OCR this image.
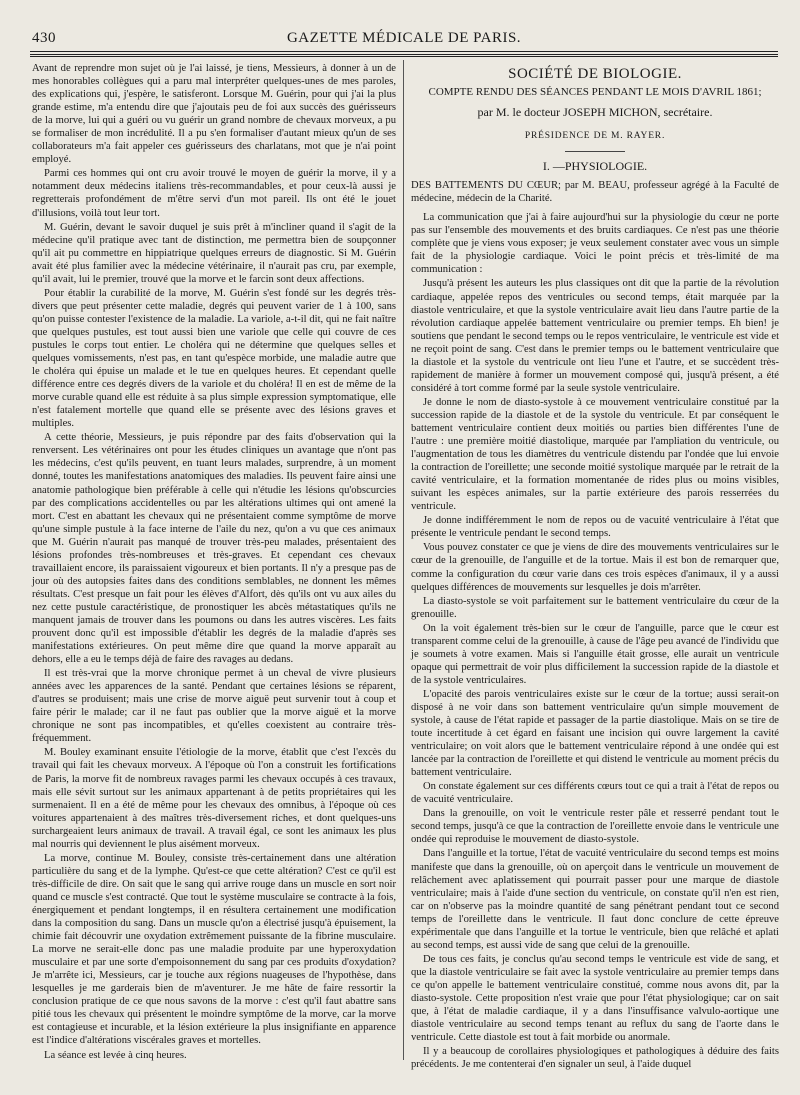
430	GAZETTE MÉDICALE DE PARIS.

Avant de reprendre mon sujet où je l'ai laissé, je tiens, Messieurs, à donner à un de mes honorables collègues qui a paru mal interpréter quelques-unes de mes paroles, des explications qui, j'espère, le satisferont. Lorsque M. Guérin, pour qui j'ai la plus grande estime, m'a entendu dire que j'ajoutais peu de foi aux succès des guérisseurs de la morve, lui qui a guéri ou vu guérir un grand nombre de chevaux morveux, a pu se formaliser de mon incrédulité. Il a pu s'en formaliser d'autant mieux qu'un de ses collaborateurs m'a fait appeler ces guérisseurs des charlatans, mot que je n'ai point employé.

Parmi ces hommes qui ont cru avoir trouvé le moyen de guérir la morve, il y a notamment deux médecins italiens très-recommandables, et pour ceux-là aussi je regretterais profondément de m'être servi d'un mot pareil. Ils ont été le jouet d'illusions, voilà tout leur tort.

M. Guérin, devant le savoir duquel je suis prêt à m'incliner quand il s'agit de la médecine qu'il pratique avec tant de distinction, me permettra bien de soupçonner qu'il ait pu commettre en hippiatrique quelques erreurs de diagnostic. Si M. Guérin avait été plus familier avec la médecine vétérinaire, il n'aurait pas cru, par exemple, qu'il avait, lui le premier, trouvé que la morve et le farcin sont deux affections.

Pour établir la curabilité de la morve, M. Guérin s'est fondé sur les degrés très-divers que peut présenter cette maladie, degrés qui peuvent varier de 1 à 100, sans qu'on puisse contester l'existence de la maladie. La variole, a-t-il dit, qui ne fait naître que quelques pustules, est tout aussi bien une variole que celle qui couvre de ces pustules le corps tout entier. Le choléra qui ne détermine que quelques selles et quelques vomissements, n'est pas, en tant qu'espèce morbide, une maladie autre que le choléra qui épuise un malade et le tue en quelques heures. Et cependant quelle différence entre ces degrés divers de la variole et du choléra! Il en est de même de la morve curable quand elle est réduite à sa plus simple expression symptomatique, elle n'est fatalement mortelle que quand elle se présente avec des lésions graves et multiples.

A cette théorie, Messieurs, je puis répondre par des faits d'observation qui la renversent. Les vétérinaires ont pour les études cliniques un avantage que n'ont pas les médecins, c'est qu'ils peuvent, en tuant leurs malades, surprendre, à un moment donné, toutes les manifestations anatomiques des maladies. Ils peuvent faire ainsi une anatomie pathologique bien préférable à celle qui n'étudie les lésions qu'obscurcies par des complications accidentelles ou par les altérations ultimes qui ont amené la mort. C'est en abattant les chevaux qui ne présentaient comme symptôme de morve qu'une simple pustule à la face interne de l'aile du nez, qu'on a vu que ces animaux que M. Guérin n'aurait pas manqué de trouver très-peu malades, présentaient des lésions profondes très-nombreuses et très-graves. Et cependant ces chevaux travaillaient encore, ils paraissaient vigoureux et bien portants. Il n'y a presque pas de jour où des autopsies faites dans des conditions semblables, ne donnent les mêmes résultats. C'est presque un fait pour les élèves d'Alfort, dès qu'ils ont vu aux ailes du nez cette pustule caractéristique, de pronostiquer les abcès métastatiques qu'ils ne manquent jamais de trouver dans les poumons ou dans les autres viscères. Les faits prouvent donc qu'il est impossible d'établir les degrés de la maladie d'après ses manifestations extérieures. On peut même dire que quand la morve apparaît au dehors, elle a eu le temps déjà de faire des ravages au dedans.

Il est très-vrai que la morve chronique permet à un cheval de vivre plusieurs années avec les apparences de la santé. Pendant que certaines lésions se réparent, d'autres se produisent; mais une crise de morve aiguë peut survenir tout à coup et faire périr le malade; car il ne faut pas oublier que la morve aiguë et la morve chronique ne sont pas incompatibles, et qu'elles coexistent au contraire très-fréquemment.

M. Bouley examinant ensuite l'étiologie de la morve, établit que c'est l'excès du travail qui fait les chevaux morveux. A l'époque où l'on a construit les fortifications de Paris, la morve fit de nombreux ravages parmi les chevaux occupés à ces travaux, mais elle sévit surtout sur les animaux appartenant à de petits propriétaires qui les surmenaient. Il en a été de même pour les chevaux des omnibus, à l'époque où ces voitures appartenaient à des maîtres très-diversement riches, et dont quelques-uns surchargeaient leurs animaux de travail. A travail égal, ce sont les animaux les plus mal nourris qui deviennent le plus aisément morveux.

La morve, continue M. Bouley, consiste très-certainement dans une altération particulière du sang et de la lymphe. Qu'est-ce que cette altération? C'est ce qu'il est très-difficile de dire. On sait que le sang qui arrive rouge dans un muscle en sort noir quand ce muscle s'est contracté. Que tout le système musculaire se contracte à la fois, énergiquement et pendant longtemps, il en résultera certainement une modification dans la composition du sang. Dans un muscle qu'on a électrisé jusqu'à épuisement, la chimie fait découvrir une oxydation extrêmement puissante de la fibrine musculaire. La morve ne serait-elle donc pas une maladie produite par une hyperoxydation musculaire et par une sorte d'empoisonnement du sang par ces produits d'oxydation? Je m'arrête ici, Messieurs, car je touche aux régions nuageuses de l'hypothèse, dans lesquelles je me garderais bien de m'aventurer. Je me hâte de faire ressortir la conclusion pratique de ce que nous savons de la morve : c'est qu'il faut abattre sans pitié tous les chevaux qui présentent le moindre symptôme de la morve, car la morve est contagieuse et incurable, et la lésion extérieure la plus insignifiante en apparence est l'indice d'altérations viscérales graves et mortelles.

La séance est levée à cinq heures.

SOCIÉTÉ DE BIOLOGIE.
COMPTE RENDU DES SÉANCES PENDANT LE MOIS D'AVRIL 1861;
par M. le docteur JOSEPH MICHON, secrétaire.
PRÉSIDENCE DE M. RAYER.
I. —PHYSIOLOGIE.
DES BATTEMENTS DU CŒUR; par M. BEAU, professeur agrégé à la Faculté de médecine, médecin de la Charité.

La communication que j'ai à faire aujourd'hui sur la physiologie du cœur ne porte pas sur l'ensemble des mouvements et des bruits cardiaques. Ce n'est pas une théorie complète que je viens vous exposer; je veux seulement constater avec vous un simple fait de la physiologie cardiaque. Voici le point précis et très-limité de ma communication :

Jusqu'à présent les auteurs les plus classiques ont dit que la partie de la révolution cardiaque, appelée repos des ventricules ou second temps, était marquée par la diastole ventriculaire, et que la systole ventriculaire avait lieu dans l'autre partie de la révolution cardiaque appelée battement ventriculaire ou premier temps. Eh bien! je soutiens que pendant le second temps ou le repos ventriculaire, le ventricule est vide et ne reçoit point de sang. C'est dans le premier temps ou le battement ventriculaire que la diastole et la systole du ventricule ont lieu l'une et l'autre, et se succèdent très-rapidement de manière à former un mouvement composé qui, jusqu'à présent, a été considéré à tort comme formé par la seule systole ventriculaire.

Je donne le nom de diasto-systole à ce mouvement ventriculaire constitué par la succession rapide de la diastole et de la systole du ventricule. Et par conséquent le battement ventriculaire contient deux moitiés ou parties bien différentes l'une de l'autre : une première moitié diastolique, marquée par l'ampliation du ventricule, ou l'augmentation de tous les diamètres du ventricule distendu par l'ondée que lui envoie la contraction de l'oreillette; une seconde moitié systolique marquée par le retrait de la cavité ventriculaire, et la formation momentanée de rides plus ou moins visibles, suivant les espèces animales, sur la partie extérieure des parois resserrées du ventricule.

Je donne indifféremment le nom de repos ou de vacuité ventriculaire à l'état que présente le ventricule pendant le second temps.

Vous pouvez constater ce que je viens de dire des mouvements ventriculaires sur le cœur de la grenouille, de l'anguille et de la tortue. Mais il est bon de remarquer que, comme la configuration du cœur varie dans ces trois espèces d'animaux, il y a aussi quelques différences de mouvements sur lesquelles je dois m'arrêter.

La diasto-systole se voit parfaitement sur le battement ventriculaire du cœur de la grenouille.

On la voit également très-bien sur le cœur de l'anguille, parce que le cœur est transparent comme celui de la grenouille, à cause de l'âge peu avancé de l'individu que je soumets à votre examen. Mais si l'anguille était grosse, elle aurait un ventricule opaque qui permettrait de voir plus difficilement la succession rapide de la diastole et de la systole ventriculaires.

L'opacité des parois ventriculaires existe sur le cœur de la tortue; aussi serait-on disposé à ne voir dans son battement ventriculaire qu'un simple mouvement de systole, à cause de l'état rapide et passager de la partie diastolique. Mais on se tire de toute incertitude à cet égard en faisant une incision qui ouvre largement la cavité ventriculaire; on voit alors que le battement ventriculaire répond à une ondée qui est lancée par la contraction de l'oreillette et qui distend le ventricule au moment précis du battement ventriculaire.

On constate également sur ces différents cœurs tout ce qui a trait à l'état de repos ou de vacuité ventriculaire.

Dans la grenouille, on voit le ventricule rester pâle et resserré pendant tout le second temps, jusqu'à ce que la contraction de l'oreillette envoie dans le ventricule une ondée qui reproduise le mouvement de diasto-systole.

Dans l'anguille et la tortue, l'état de vacuité ventriculaire du second temps est moins manifeste que dans la grenouille, où on aperçoit dans le ventricule un mouvement de relâchement avec aplatissement qui pourrait passer pour une marque de diastole ventriculaire; mais à l'aide d'une section du ventricule, on constate qu'il n'en est rien, car on n'observe pas la moindre quantité de sang pénétrant pendant tout ce second temps de l'oreillette dans le ventricule. Il faut donc conclure de cette épreuve expérimentale que dans l'anguille et la tortue le ventricule, bien que relâché et aplati au second temps, est aussi vide de sang que celui de la grenouille.

De tous ces faits, je conclus qu'au second temps le ventricule est vide de sang, et que la diastole ventriculaire se fait avec la systole ventriculaire au premier temps dans ce qu'on appelle le battement ventriculaire constitué, comme nous avons dit, par la diasto-systole. Cette proposition n'est vraie que pour l'état physiologique; car on sait que, à l'état de maladie cardiaque, il y a dans l'insuffisance valvulo-aortique une diastole ventriculaire au second temps tenant au reflux du sang de l'aorte dans le ventricule. Cette diastole est tout à fait morbide ou anormale.

Il y a beaucoup de corollaires physiologiques et pathologiques à déduire des faits précédents. Je me contenterai d'en signaler un seul, à l'aide duquel
